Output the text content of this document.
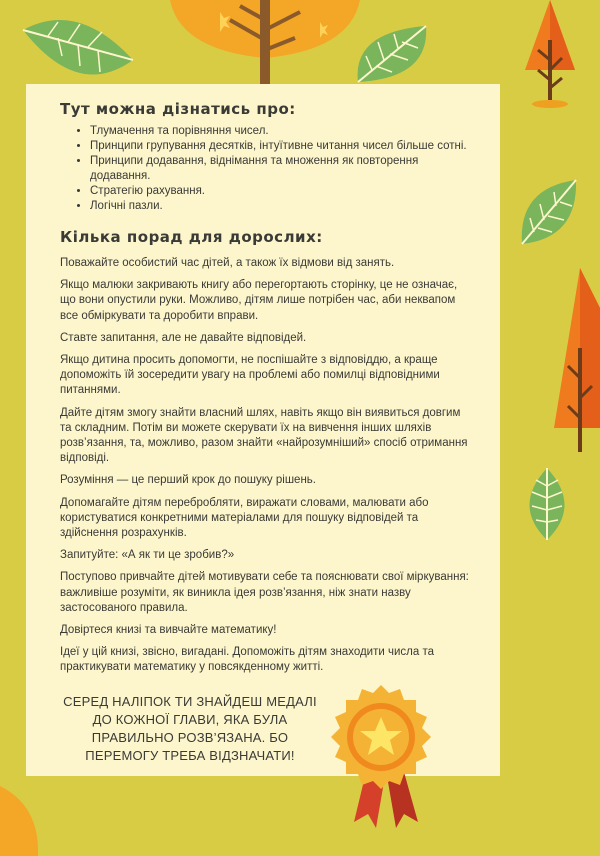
Тут можна дізнатись про:
• Тлумачення та порівняння чисел.
• Принципи групування десятків, інтуїтивне читання чисел більше сотні.
• Принципи додавання, віднімання та множення як повторення додавання.
• Стратегію рахування.
• Логічні пазли.
Кілька порад для дорослих:

Поважайте особистий час дітей, а також їх відмови від занять.

Якщо малюки закривають книгу або перегортають сторінку, це не означає, що вони опустили руки. Можливо, дітям лише потрібен час, аби неквапом все обміркувати та доробити вправи.

Ставте запитання, але не давайте відповідей.

Якщо дитина просить допомогти, не поспішайте з відповіддю, а краще допоможіть їй зосередити увагу на проблемі або помилці відповідними питаннями.

Дайте дітям змогу знайти власний шлях, навіть якщо він виявиться довгим та складним. Потім ви можете скерувати їх на вивчення інших шляхів розв’язання, та, можливо, разом знайти «найрозумніший» спосіб отримання відповіді.

Розуміння — це перший крок до пошуку рішень.

Допомагайте дітям перебробляти, виражати словами, малювати або користуватися конкретними матеріалами для пошуку відповідей та здійснення розрахунків.

Запитуйте: «А як ти це зробив?»

Поступово привчайте дітей мотивувати себе та пояснювати свої міркування: важливіше розуміти, як виникла ідея розв’язання, ніж знати назву застосованого правила.

Довіртеся книзі та вивчайте математику!

Ідеї у цій книзі, звісно, вигадані. Допоможіть дітям знаходити числа та практикувати математику у повсякденному житті.

СЕРЕД НАЛІПОК ТИ ЗНАЙДЕШ МЕДАЛІ ДО КОЖНОЇ ГЛАВИ, ЯКА БУЛА ПРАВИЛЬНО РОЗВ’ЯЗАНА. БО ПЕРЕМОГУ ТРЕБА ВІДЗНАЧАТИ!
